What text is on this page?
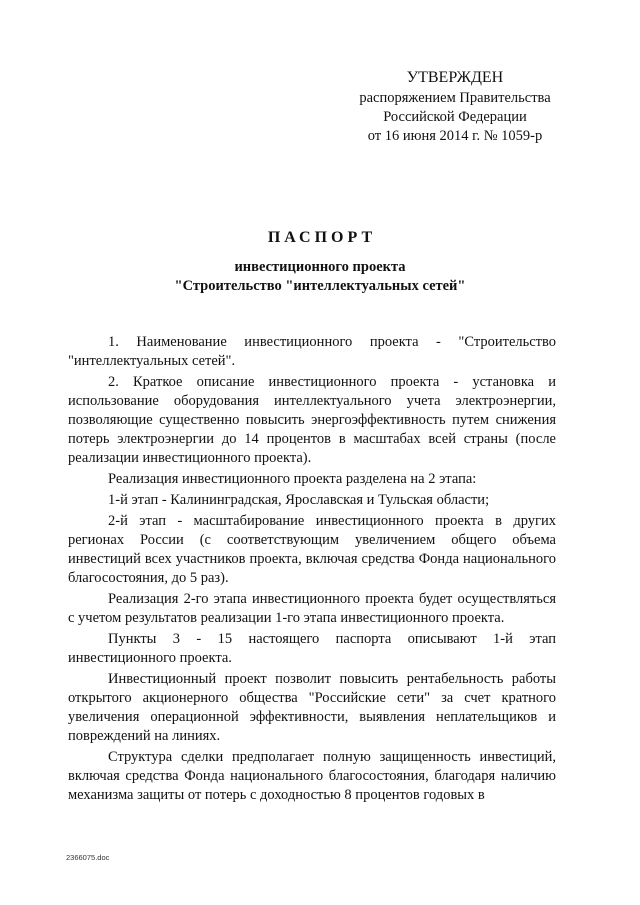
УТВЕРЖДЕН
распоряжением Правительства
Российской Федерации
от 16 июня 2014 г. № 1059-р
ПАСПОРТ
инвестиционного проекта
"Строительство "интеллектуальных сетей"

1. Наименование инвестиционного проекта - "Строительство "интеллектуальных сетей".

2. Краткое описание инвестиционного проекта - установка и использование оборудования интеллектуального учета электроэнергии, позволяющие существенно повысить энергоэффективность путем снижения потерь электроэнергии до 14 процентов в масштабах всей страны (после реализации инвестиционного проекта).

Реализация инвестиционного проекта разделена на 2 этапа:

1-й этап - Калининградская, Ярославская и Тульская области;

2-й этап - масштабирование инвестиционного проекта в других регионах России (с соответствующим увеличением общего объема инвестиций всех участников проекта, включая средства Фонда национального благосостояния, до 5 раз).

Реализация 2-го этапа инвестиционного проекта будет осуществляться с учетом результатов реализации 1-го этапа инвестиционного проекта.

Пункты 3 - 15 настоящего паспорта описывают 1-й этап инвестиционного проекта.

Инвестиционный проект позволит повысить рентабельность работы открытого акционерного общества "Российские сети" за счет кратного увеличения операционной эффективности, выявления неплательщиков и повреждений на линиях.

Структура сделки предполагает полную защищенность инвестиций, включая средства Фонда национального благосостояния, благодаря наличию механизма защиты от потерь с доходностью 8 процентов годовых в

2366075.doc
